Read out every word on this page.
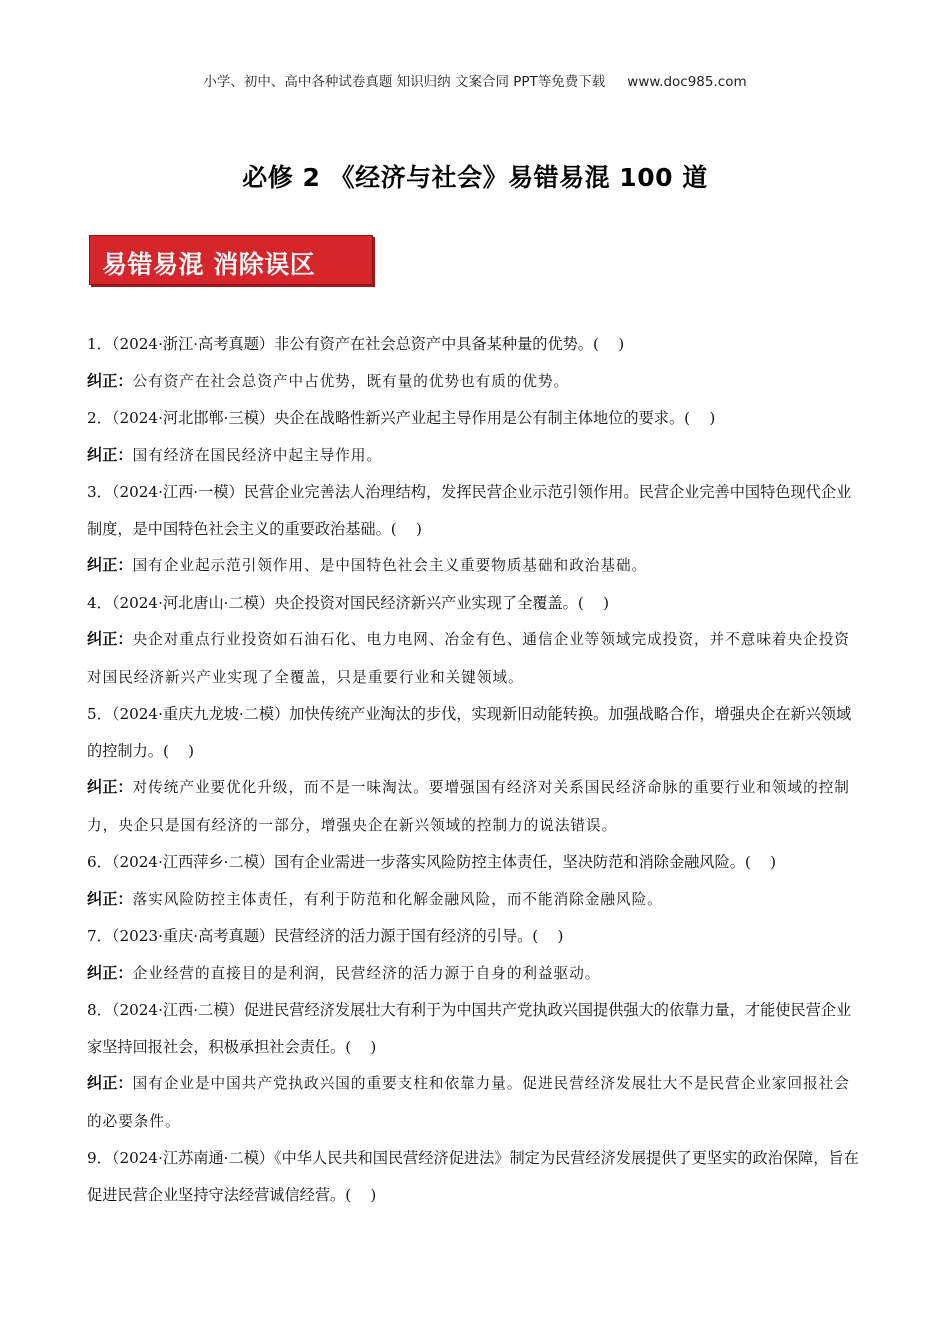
小学、初中、高中各种试卷真题 知识归纳 文案合同 PPT等免费下载 www.doc985.com
必修 2 《经济与社会》易错易混 100 道
易错易混 消除误区

1．（2024·浙江·高考真题）非公有资产在社会总资产中具备某种量的优势。(    )

纠正：公有资产在社会总资产中占优势，既有量的优势也有质的优势。

2．（2024·河北邯郸·三模）央企在战略性新兴产业起主导作用是公有制主体地位的要求。(    )

纠正：国有经济在国民经济中起主导作用。

3．（2024·江西·一模）民营企业完善法人治理结构，发挥民营企业示范引领作用。民营企业完善中国特色现代企业制度，是中国特色社会主义的重要政治基础。(    )

纠正：国有企业起示范引领作用、是中国特色社会主义重要物质基础和政治基础。

4．（2024·河北唐山·二模）央企投资对国民经济新兴产业实现了全覆盖。(    )

纠正：央企对重点行业投资如石油石化、电力电网、冶金有色、通信企业等领域完成投资，并不意味着央企投资对国民经济新兴产业实现了全覆盖，只是重要行业和关键领域。

5．（2024·重庆九龙坡·二模）加快传统产业淘汰的步伐，实现新旧动能转换。加强战略合作，增强央企在新兴领域的控制力。(    )

纠正：对传统产业要优化升级，而不是一味淘汰。要增强国有经济对关系国民经济命脉的重要行业和领域的控制力，央企只是国有经济的一部分，增强央企在新兴领域的控制力的说法错误。

6．（2024·江西萍乡·二模）国有企业需进一步落实风险防控主体责任，坚决防范和消除金融风险。(    )

纠正：落实风险防控主体责任，有利于防范和化解金融风险，而不能消除金融风险。

7．（2023·重庆·高考真题）民营经济的活力源于国有经济的引导。(    )

纠正：企业经营的直接目的是利润，民营经济的活力源于自身的利益驱动。

8．（2024·江西·二模）促进民营经济发展壮大有利于为中国共产党执政兴国提供强大的依靠力量，才能使民营企业家坚持回报社会，积极承担社会责任。(    )

纠正：国有企业是中国共产党执政兴国的重要支柱和依靠力量。促进民营经济发展壮大不是民营企业家回报社会的必要条件。

9．（2024·江苏南通·二模）《中华人民共和国民营经济促进法》制定为民营经济发展提供了更坚实的政治保障，旨在促进民营企业坚持守法经营诚信经营。(    )
